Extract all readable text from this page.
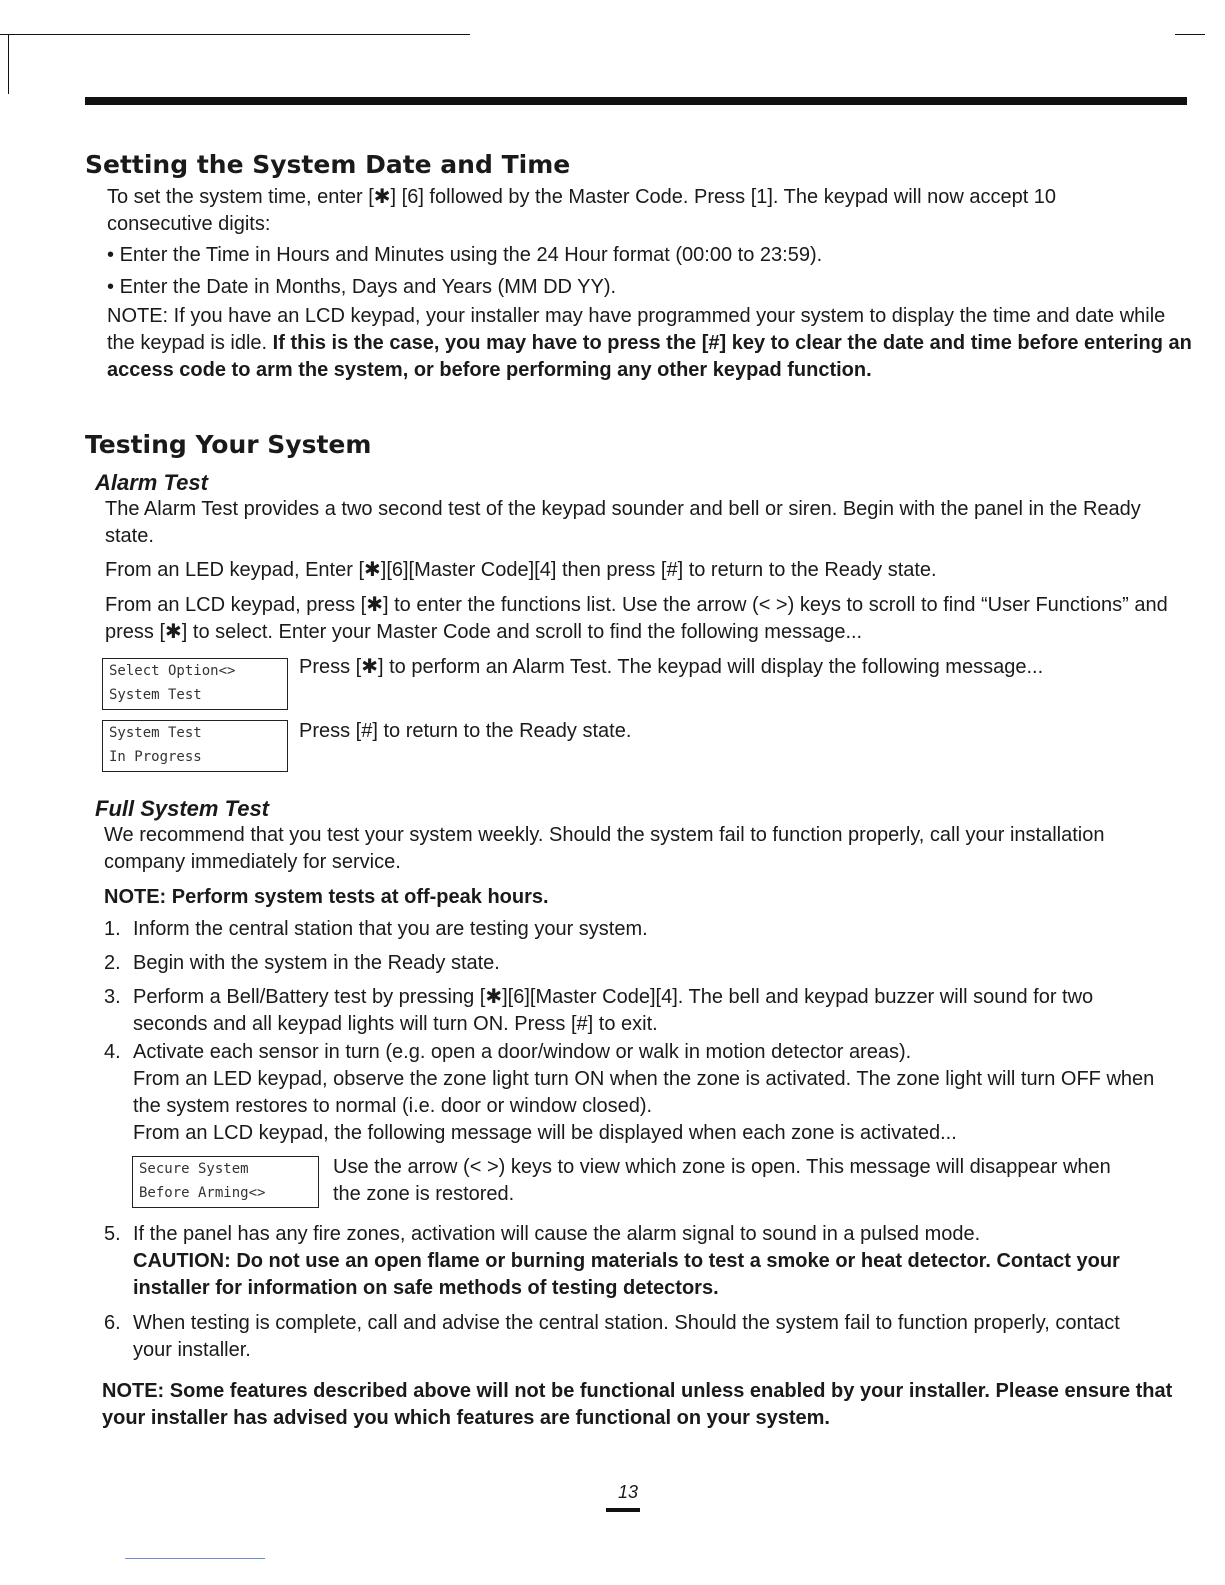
Setting the System Date and Time
To set the system time, enter [✱] [6] followed by the Master Code. Press [1]. The keypad will now accept 10 consecutive digits:
• Enter the Time in Hours and Minutes using the 24 Hour format (00:00 to 23:59).
• Enter the Date in Months, Days and Years (MM DD YY).
NOTE: If you have an LCD keypad, your installer may have programmed your system to display the time and date while the keypad is idle. If this is the case, you may have to press the [#] key to clear the date and time before entering an access code to arm the system, or before performing any other keypad function.
Testing Your System
Alarm Test
The Alarm Test provides a two second test of the keypad sounder and bell or siren. Begin with the panel in the Ready state.
From an LED keypad, Enter [✱][6][Master Code][4] then press [#] to return to the Ready state.
From an LCD keypad, press [✱] to enter the functions list. Use the arrow (< >) keys to scroll to find “User Functions” and press [✱] to select. Enter your Master Code and scroll to find the following message...
Select Option<>
System Test
Press [✱] to perform an Alarm Test. The keypad will display the following message...
System Test
In Progress
Press [#] to return to the Ready state.
Full System Test
We recommend that you test your system weekly. Should the system fail to function properly, call your installation company immediately for service.
NOTE: Perform system tests at off-peak hours.
1. Inform the central station that you are testing your system.
2. Begin with the system in the Ready state.
3. Perform a Bell/Battery test by pressing [✱][6][Master Code][4]. The bell and keypad buzzer will sound for two seconds and all keypad lights will turn ON. Press [#] to exit.
4. Activate each sensor in turn (e.g. open a door/window or walk in motion detector areas).
From an LED keypad, observe the zone light turn ON when the zone is activated. The zone light will turn OFF when the system restores to normal (i.e. door or window closed).
From an LCD keypad, the following message will be displayed when each zone is activated...
Secure System
Before Arming<>
Use the arrow (< >) keys to view which zone is open. This message will disappear when the zone is restored.
5. If the panel has any fire zones, activation will cause the alarm signal to sound in a pulsed mode.
CAUTION: Do not use an open flame or burning materials to test a smoke or heat detector. Contact your installer for information on safe methods of testing detectors.
6. When testing is complete, call and advise the central station. Should the system fail to function properly, contact your installer.
NOTE: Some features described above will not be functional unless enabled by your installer. Please ensure that your installer has advised you which features are functional on your system.
13
